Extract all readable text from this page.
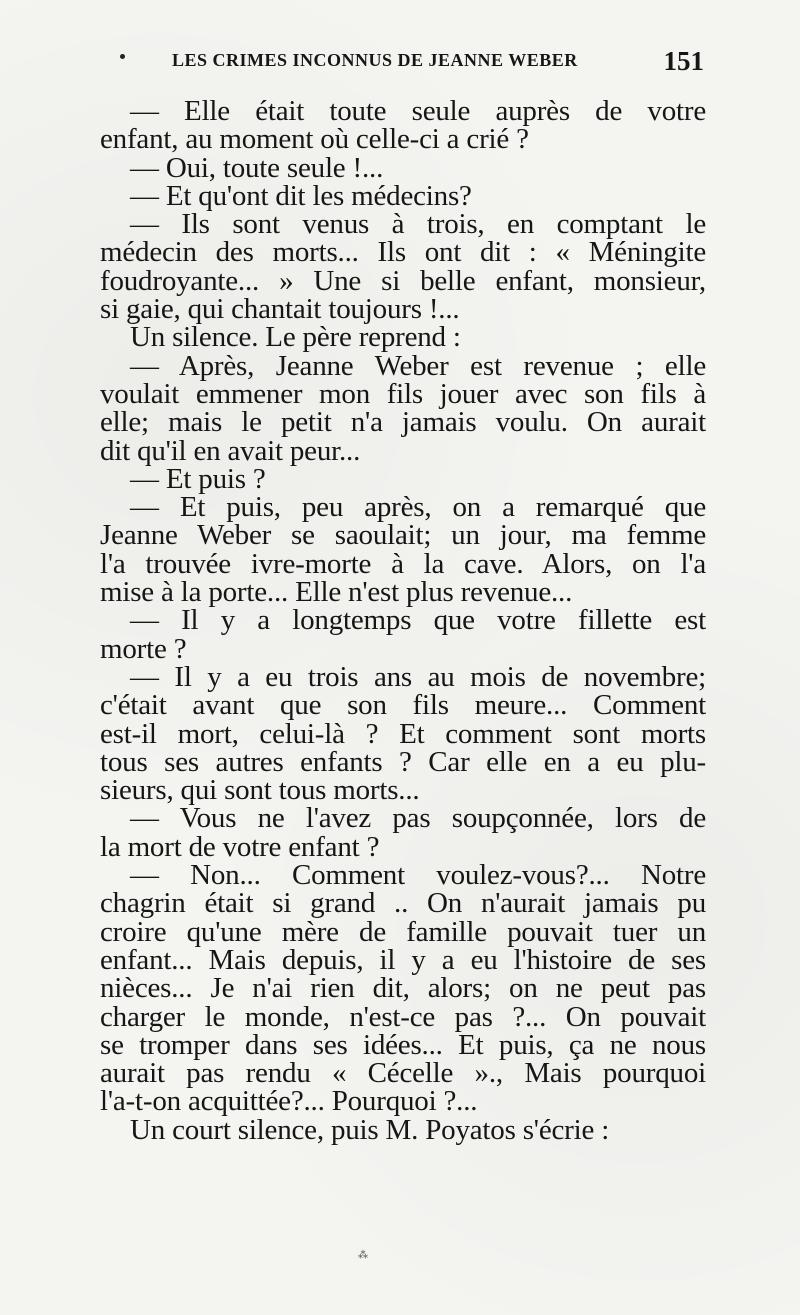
LES CRIMES INCONNUS DE JEANNE WEBER	151
— Elle était toute seule auprès de votre
enfant, au moment où celle-ci a crié ?
— Oui, toute seule !...
— Et qu'ont dit les médecins?
— Ils sont venus à trois, en comptant le
médecin des morts... Ils ont dit : « Méningite
foudroyante... » Une si belle enfant, monsieur,
si gaie, qui chantait toujours !...
Un silence. Le père reprend :
— Après, Jeanne Weber est revenue ; elle
voulait emmener mon fils jouer avec son fils à
elle; mais le petit n'a jamais voulu. On aurait
dit qu'il en avait peur...
— Et puis ?
— Et puis, peu après, on a remarqué que
Jeanne Weber se saoulait; un jour, ma femme
l'a trouvée ivre-morte à la cave. Alors, on l'a
mise à la porte... Elle n'est plus revenue...
— Il y a longtemps que votre fillette est
morte ?
— Il y a eu trois ans au mois de novembre;
c'était avant que son fils meure... Comment
est-il mort, celui-là ? Et comment sont morts
tous ses autres enfants ? Car elle en a eu plu-
sieurs, qui sont tous morts...
— Vous ne l'avez pas soupçonnée, lors de
la mort de votre enfant ?
— Non... Comment voulez-vous?... Notre
chagrin était si grand .. On n'aurait jamais pu
croire qu'une mère de famille pouvait tuer un
enfant... Mais depuis, il y a eu l'histoire de ses
nièces... Je n'ai rien dit, alors; on ne peut pas
charger le monde, n'est-ce pas ?... On pouvait
se tromper dans ses idées... Et puis, ça ne nous
aurait pas rendu « Cécelle »., Mais pourquoi
l'a-t-on acquittée?... Pourquoi ?...
Un court silence, puis M. Poyatos s'écrie :
⁂
